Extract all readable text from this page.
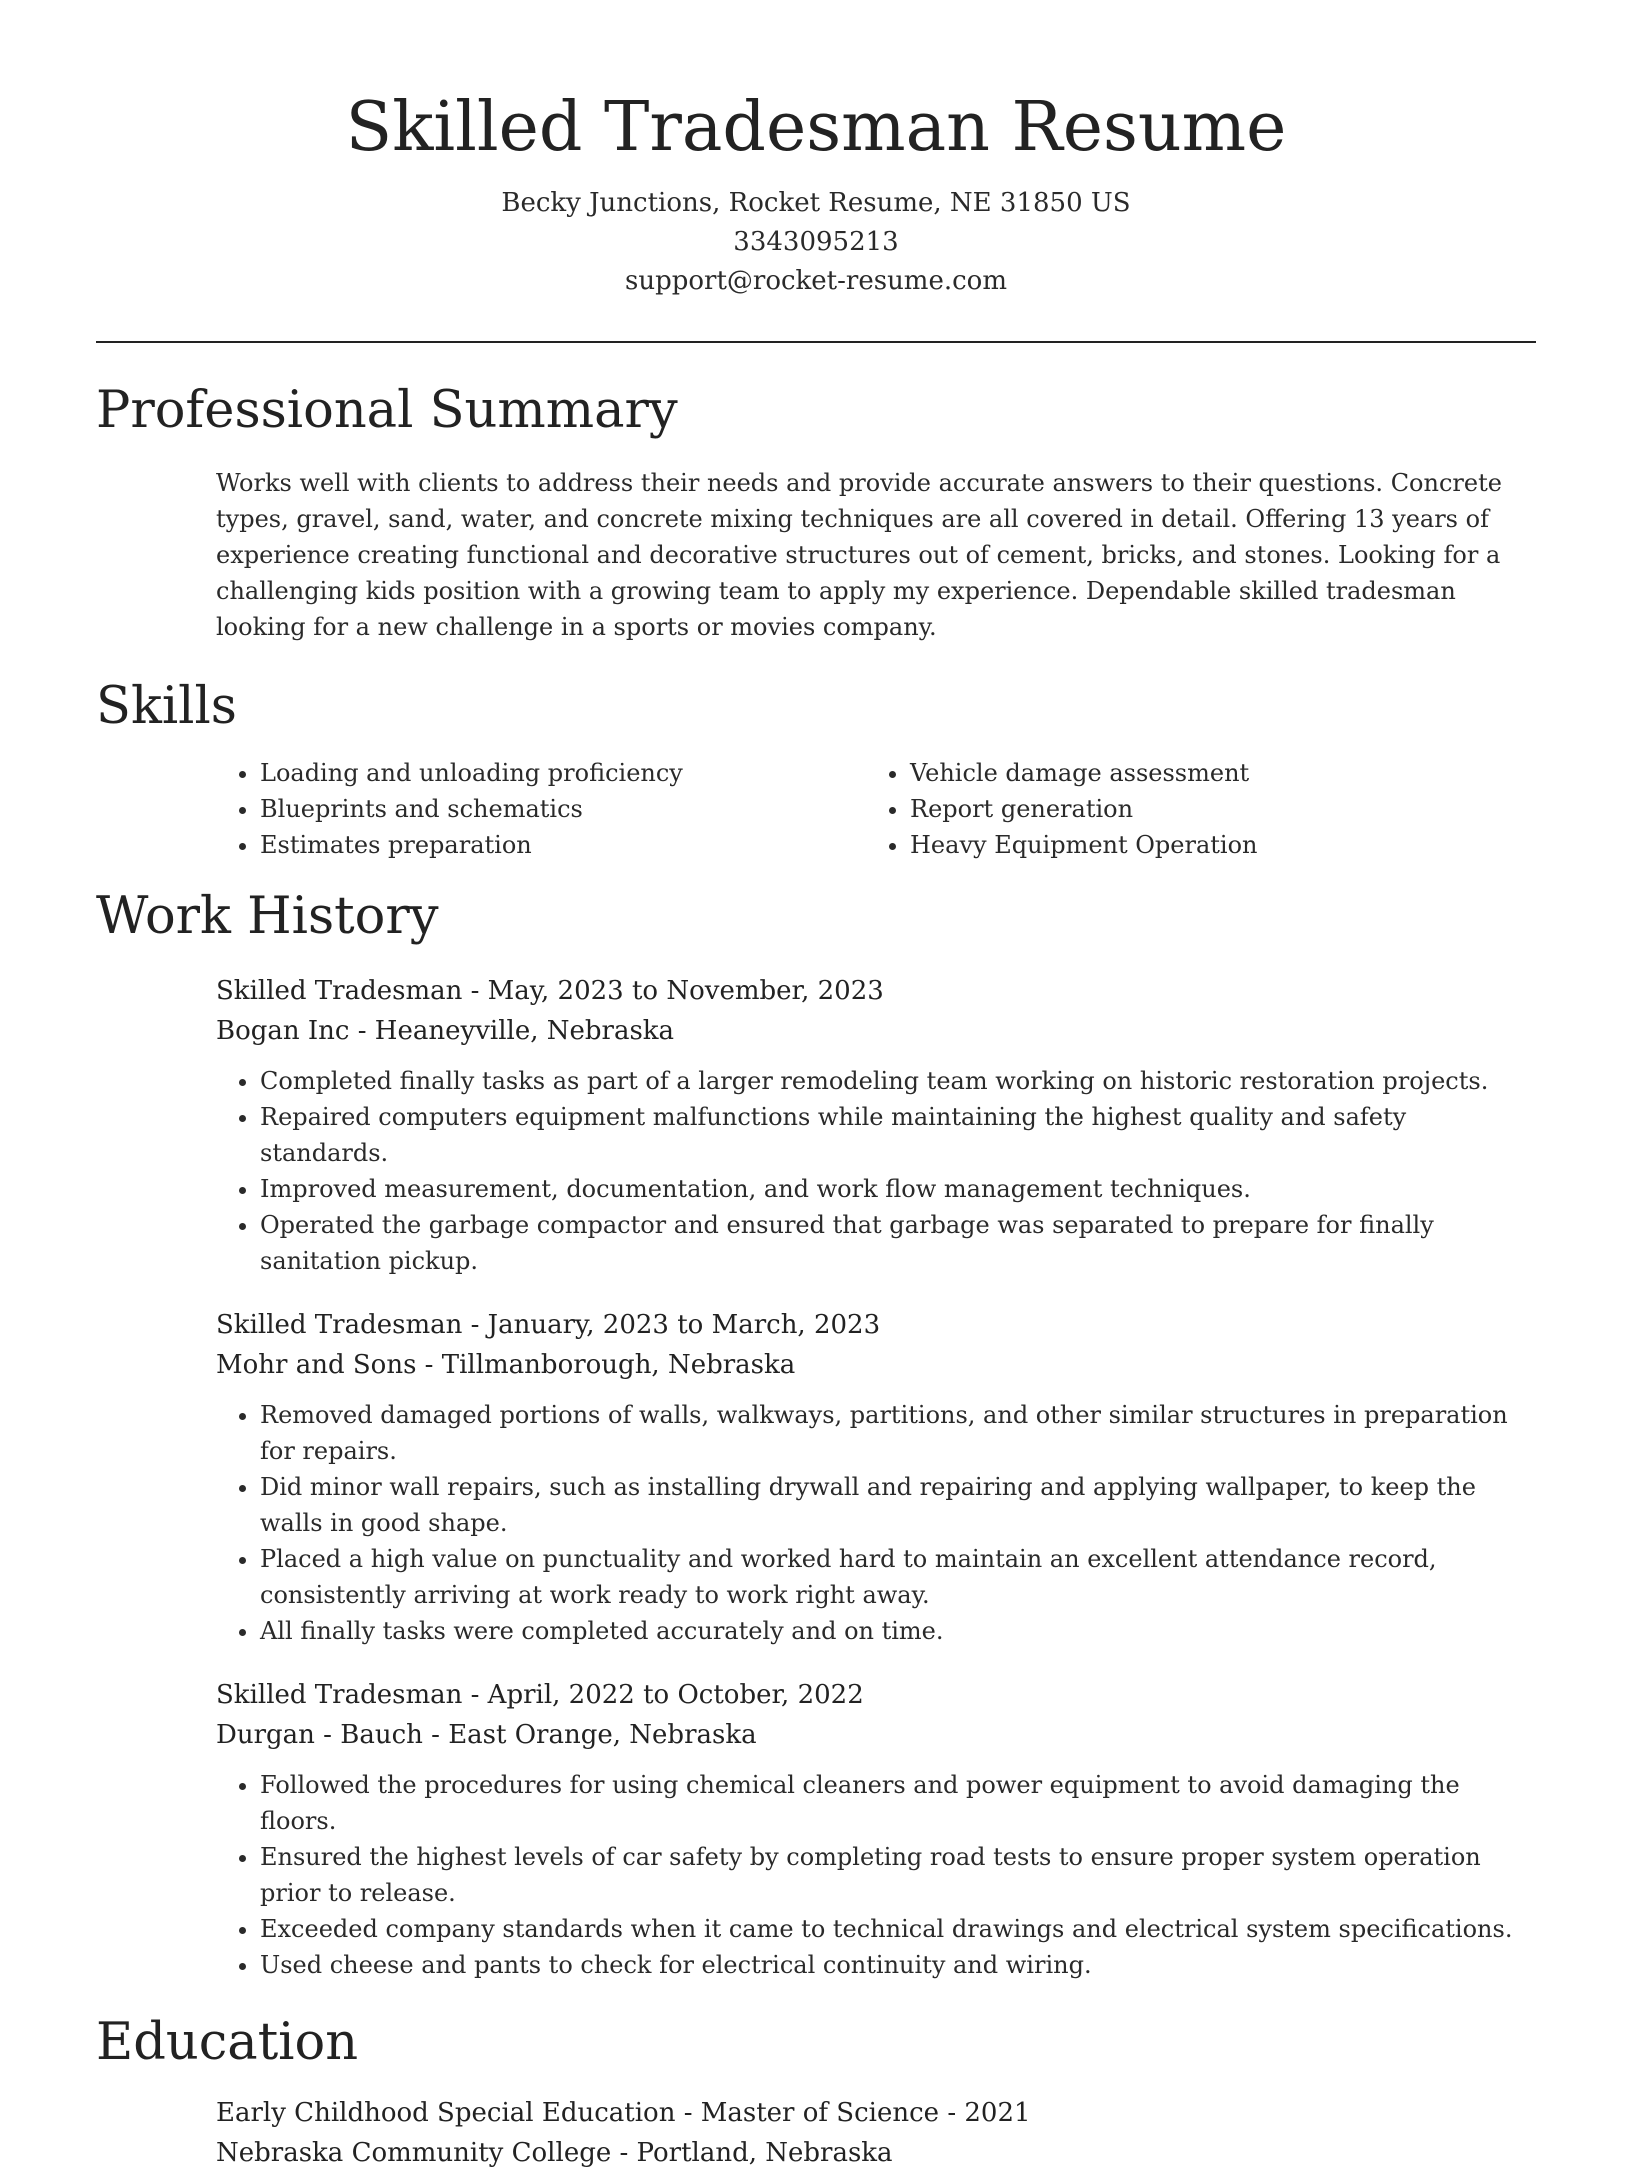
Skilled Tradesman Resume
Becky Junctions, Rocket Resume, NE 31850 US
3343095213
support@rocket-resume.com
Professional Summary
Works well with clients to address their needs and provide accurate answers to their questions. Concrete types, gravel, sand, water, and concrete mixing techniques are all covered in detail. Offering 13 years of experience creating functional and decorative structures out of cement, bricks, and stones. Looking for a challenging kids position with a growing team to apply my experience. Dependable skilled tradesman looking for a new challenge in a sports or movies company.
Skills
• Loading and unloading proficiency
• Blueprints and schematics
• Estimates preparation
• Vehicle damage assessment
• Report generation
• Heavy Equipment Operation
Work History
Skilled Tradesman - May, 2023 to November, 2023
Bogan Inc - Heaneyville, Nebraska
• Completed finally tasks as part of a larger remodeling team working on historic restoration projects.
• Repaired computers equipment malfunctions while maintaining the highest quality and safety standards.
• Improved measurement, documentation, and work flow management techniques.
• Operated the garbage compactor and ensured that garbage was separated to prepare for finally sanitation pickup.
Skilled Tradesman - January, 2023 to March, 2023
Mohr and Sons - Tillmanborough, Nebraska
• Removed damaged portions of walls, walkways, partitions, and other similar structures in preparation for repairs.
• Did minor wall repairs, such as installing drywall and repairing and applying wallpaper, to keep the walls in good shape.
• Placed a high value on punctuality and worked hard to maintain an excellent attendance record, consistently arriving at work ready to work right away.
• All finally tasks were completed accurately and on time.
Skilled Tradesman - April, 2022 to October, 2022
Durgan - Bauch - East Orange, Nebraska
• Followed the procedures for using chemical cleaners and power equipment to avoid damaging the floors.
• Ensured the highest levels of car safety by completing road tests to ensure proper system operation prior to release.
• Exceeded company standards when it came to technical drawings and electrical system specifications.
• Used cheese and pants to check for electrical continuity and wiring.
Education
Early Childhood Special Education - Master of Science - 2021
Nebraska Community College - Portland, Nebraska
